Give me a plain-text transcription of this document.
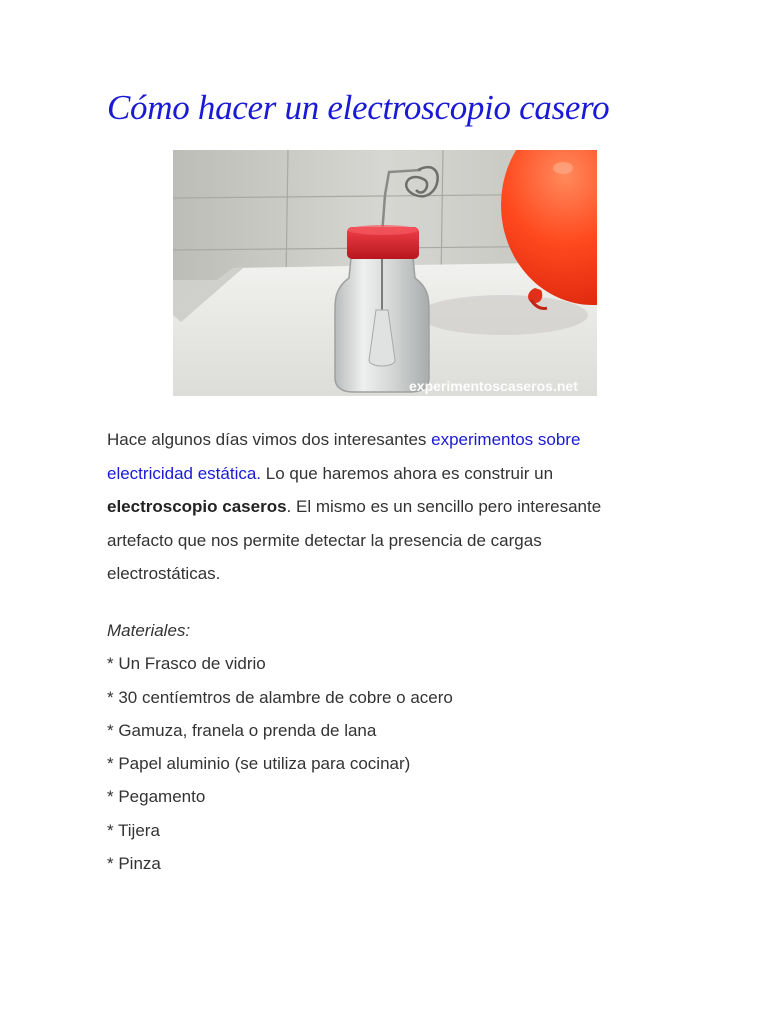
Cómo hacer un electroscopio casero
experimentoscaseros.net

Hace algunos días vimos dos interesantes experimentos sobre electricidad estática. Lo que haremos ahora es construir un electroscopio caseros. El mismo es un sencillo pero interesante artefacto que nos permite detectar la presencia de cargas electrostáticas.

Materiales:
* Un Frasco de vidrio
* 30 centíemtros de alambre de cobre o acero
* Gamuza, franela o prenda de lana
* Papel aluminio (se utiliza para cocinar)
* Pegamento
* Tijera
* Pinza
